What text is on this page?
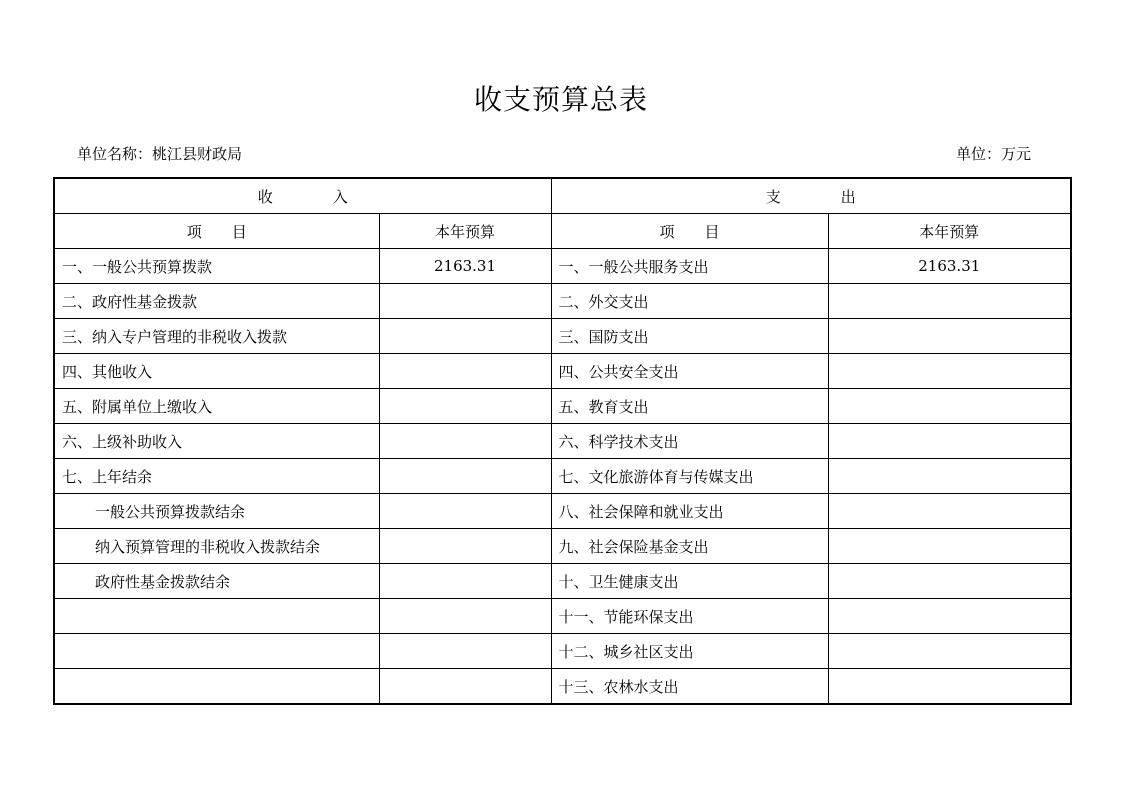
收支预算总表
单位名称：桃江县财政局	单位：万元
收　　　　入		支　　　　出	
项　　目	本年预算	项　　目	本年预算
一、一般公共预算拨款	2163.31	一、一般公共服务支出	2163.31
二、政府性基金拨款		二、外交支出	
三、纳入专户管理的非税收入拨款		三、国防支出	
四、其他收入		四、公共安全支出	
五、附属单位上缴收入		五、教育支出	
六、上级补助收入		六、科学技术支出	
七、上年结余		七、文化旅游体育与传媒支出	
一般公共预算拨款结余		八、社会保障和就业支出	
纳入预算管理的非税收入拨款结余		九、社会保险基金支出	
政府性基金拨款结余		十、卫生健康支出	
		十一、节能环保支出	
		十二、城乡社区支出	
		十三、农林水支出	
